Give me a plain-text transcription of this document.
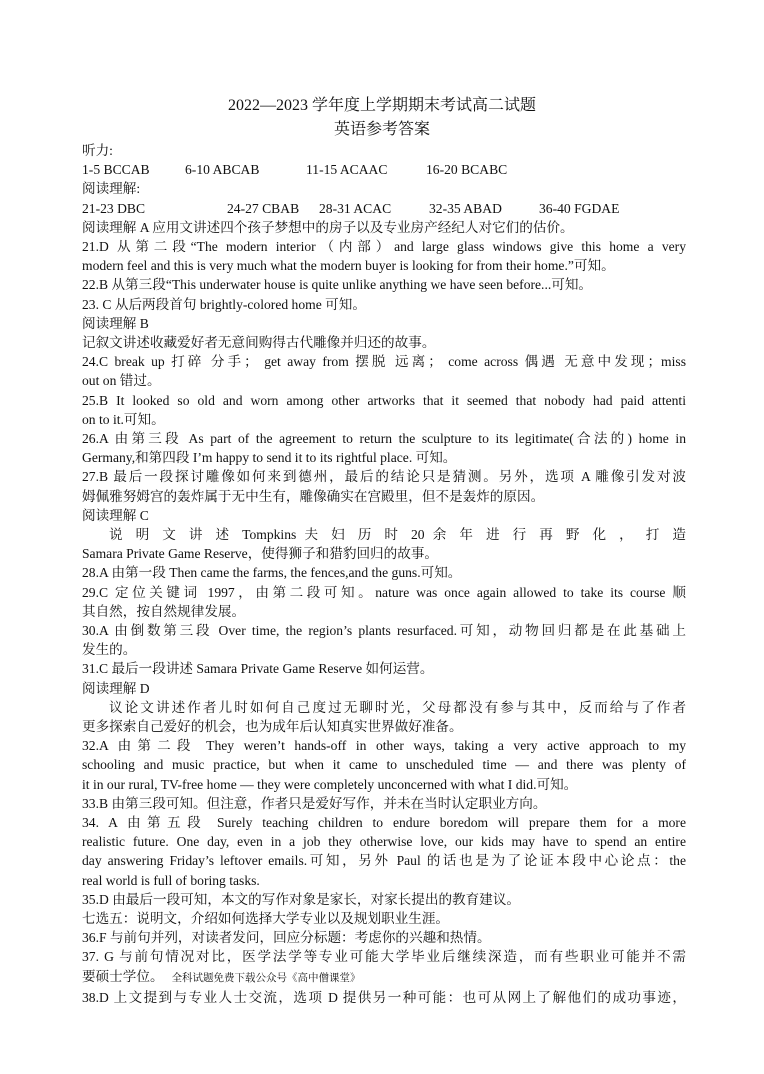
2022—2023 学年度上学期期末考试高二试题
英语参考答案
听力:
1-5 BCCAB	6-10 ABCAB	11-15 ACAAC	16-20 BCABC
阅读理解:
21-23 DBC	24-27 CBAB	28-31 ACAC	32-35 ABAD	36-40 FGDAE
阅读理解 A 应用文讲述四个孩子梦想中的房子以及专业房产经纪人对它们的估价。
21.D 从第二段“The modern interior（内部）and large glass windows give this home a very
modern feel and this is very much what the modern buyer is looking for from their home.”可知。
22.B 从第三段“This underwater house is quite unlike anything we have seen before...可知。
23. C 从后两段首句 brightly-colored home 可知。
阅读理解 B
记叙文讲述收藏爱好者无意间购得古代雕像并归还的故事。
24.C break up 打碎 分手； get away from 摆脱 远离； come across 偶遇 无意中发现；miss
out on 错过。
25.B It looked so old and worn among other artworks that it seemed that nobody had paid attenti
on to it.可知。
26.A 由第三段 As part of the agreement to return the sculpture to its legitimate(合法的) home in
Germany,和第四段 I’m happy to send it to its rightful place. 可知。
27.B 最后一段探讨雕像如何来到德州，最后的结论只是猜测。另外，选项 A 雕像引发对波
姆佩雅努姆宫的轰炸属于无中生有，雕像确实在宫殿里，但不是轰炸的原因。
阅读理解 C
说 明 文 讲 述 Tompkins 夫 妇 历 时 20 余 年 进 行 再 野 化 ， 打 造
Samara Private Game Reserve，使得狮子和猎豹回归的故事。
28.A 由第一段 Then came the farms, the fences,and the guns.可知。
29.C 定位关键词 1997，由第二段可知。nature was once again allowed to take its course 顺
其自然，按自然规律发展。
30.A 由倒数第三段 Over time, the region’s plants resurfaced.可知，动物回归都是在此基础上
发生的。
31.C 最后一段讲述 Samara Private Game Reserve 如何运营。
阅读理解 D
议论文讲述作者儿时如何自己度过无聊时光，父母都没有参与其中，反而给与了作者
更多探索自己爱好的机会，也为成年后认知真实世界做好准备。
32.A 由第二段 They weren’t hands-off in other ways, taking a very active approach to my
schooling and music practice, but when it came to unscheduled time — and there was plenty of
it in our rural, TV-free home — they were completely unconcerned with what I did.可知。
33.B 由第三段可知。但注意，作者只是爱好写作，并未在当时认定职业方向。
34. A 由第五段 Surely teaching children to endure boredom will prepare them for a more
realistic future. One day, even in a job they otherwise love, our kids may have to spend an entire
day answering Friday’s leftover emails.可知，另外 Paul 的话也是为了论证本段中心论点：the
real world is full of boring tasks.
35.D 由最后一段可知，本文的写作对象是家长，对家长提出的教育建议。
七选五：说明文，介绍如何选择大学专业以及规划职业生涯。
36.F 与前句并列，对读者发问，回应分标题：考虑你的兴趣和热情。
37. G 与前句情况对比，医学法学等专业可能大学毕业后继续深造，而有些职业可能并不需
要硕士学位。 全科试题免费下载公众号《高中僧课堂》
38.D 上文提到与专业人士交流，选项 D 提供另一种可能：也可从网上了解他们的成功事迹，
